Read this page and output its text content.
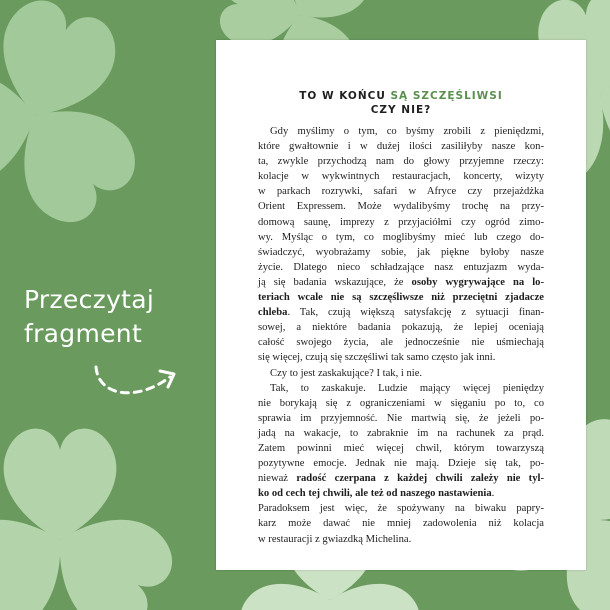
Przeczytaj
fragment
TO W KOŃCU SĄ SZCZĘŚLIWSI
CZY NIE?
Gdy myślimy o tym, co byśmy zrobili z pieniędzmi,
które gwałtownie i w dużej ilości zasiliłyby nasze kon-
ta, zwykle przychodzą nam do głowy przyjemne rzeczy:
kolacje w wykwintnych restauracjach, koncerty, wizyty
w parkach rozrywki, safari w Afryce czy przejażdżka
Orient Expressem. Może wydalibyśmy trochę na przy-
domową saunę, imprezy z przyjaciółmi czy ogród zimo-
wy. Myśląc o tym, co moglibyśmy mieć lub czego do-
świadczyć, wyobrażamy sobie, jak piękne byłoby nasze
życie. Dlatego nieco schładzające nasz entuzjazm wyda-
ją się badania wskazujące, że osoby wygrywające na lo-
teriach wcale nie są szczęśliwsze niż przeciętni zjadacze
chleba. Tak, czują większą satysfakcję z sytuacji finan-
sowej, a niektóre badania pokazują, że lepiej oceniają
całość swojego życia, ale jednocześnie nie uśmiechają
się więcej, czują się szczęśliwi tak samo często jak inni.
Czy to jest zaskakujące? I tak, i nie.
Tak, to zaskakuje. Ludzie mający więcej pieniędzy
nie borykają się z ograniczeniami w sięganiu po to, co
sprawia im przyjemność. Nie martwią się, że jeżeli po-
jadą na wakacje, to zabraknie im na rachunek za prąd.
Zatem powinni mieć więcej chwil, którym towarzyszą
pozytywne emocje. Jednak nie mają. Dzieje się tak, po-
nieważ radość czerpana z każdej chwili zależy nie tyl-
ko od cech tej chwili, ale też od naszego nastawienia.
Paradoksem jest więc, że spożywany na biwaku papry-
karz może dawać nie mniej zadowolenia niż kolacja
w restauracji z gwiazdką Michelina.
